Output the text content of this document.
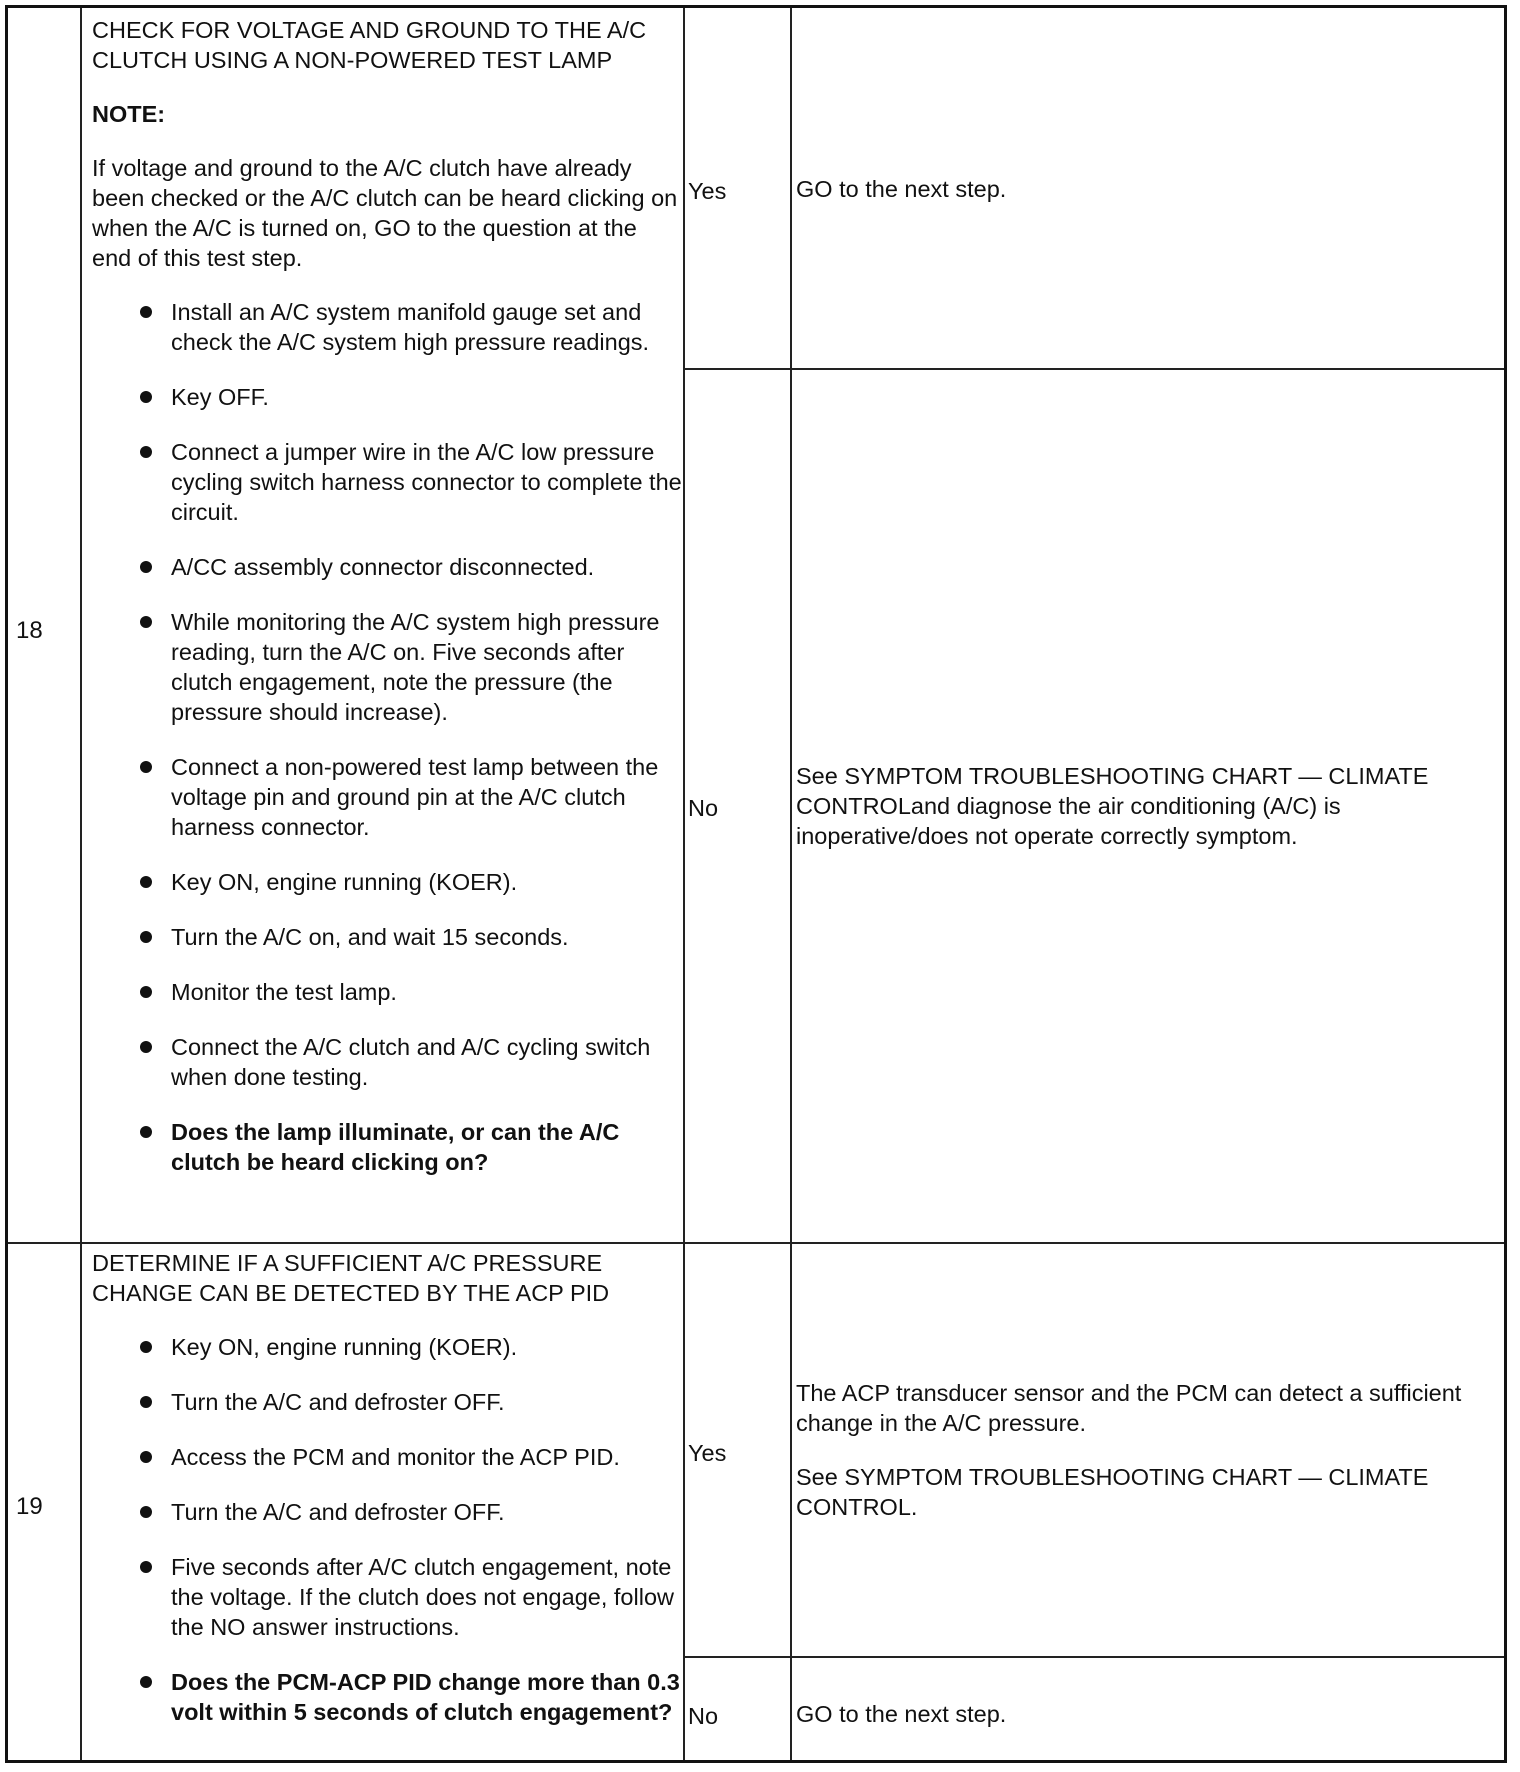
18

CHECK FOR VOLTAGE AND GROUND TO THE A/C CLUTCH USING A NON-POWERED TEST LAMP

NOTE:

If voltage and ground to the A/C clutch have already been checked or the A/C clutch can be heard clicking on when the A/C is turned on, GO to the question at the end of this test step.

Install an A/C system manifold gauge set and check the A/C system high pressure readings.
Key OFF.
Connect a jumper wire in the A/C low pressure cycling switch harness connector to complete the circuit.
A/CC assembly connector disconnected.
While monitoring the A/C system high pressure reading, turn the A/C on. Five seconds after clutch engagement, note the pressure (the pressure should increase).
Connect a non-powered test lamp between the voltage pin and ground pin at the A/C clutch harness connector.
Key ON, engine running (KOER).
Turn the A/C on, and wait 15 seconds.
Monitor the test lamp.
Connect the A/C clutch and A/C cycling switch when done testing.
Does the lamp illuminate, or can the A/C clutch be heard clicking on?
Yes	GO to the next step.

No

See SYMPTOM TROUBLESHOOTING CHART — CLIMATE CONTROLand diagnose the air conditioning (A/C) is inoperative/does not operate correctly symptom.

19

DETERMINE IF A SUFFICIENT A/C PRESSURE CHANGE CAN BE DETECTED BY THE ACP PID

Key ON, engine running (KOER).
Turn the A/C and defroster OFF.
Access the PCM and monitor the ACP PID.
Turn the A/C and defroster OFF.
Five seconds after A/C clutch engagement, note the voltage. If the clutch does not engage, follow the NO answer instructions.
Does the PCM-ACP PID change more than 0.3 volt within 5 seconds of clutch engagement?
Yes

The ACP transducer sensor and the PCM can detect a sufficient change in the A/C pressure.

See SYMPTOM TROUBLESHOOTING CHART — CLIMATE CONTROL.

No	GO to the next step.
